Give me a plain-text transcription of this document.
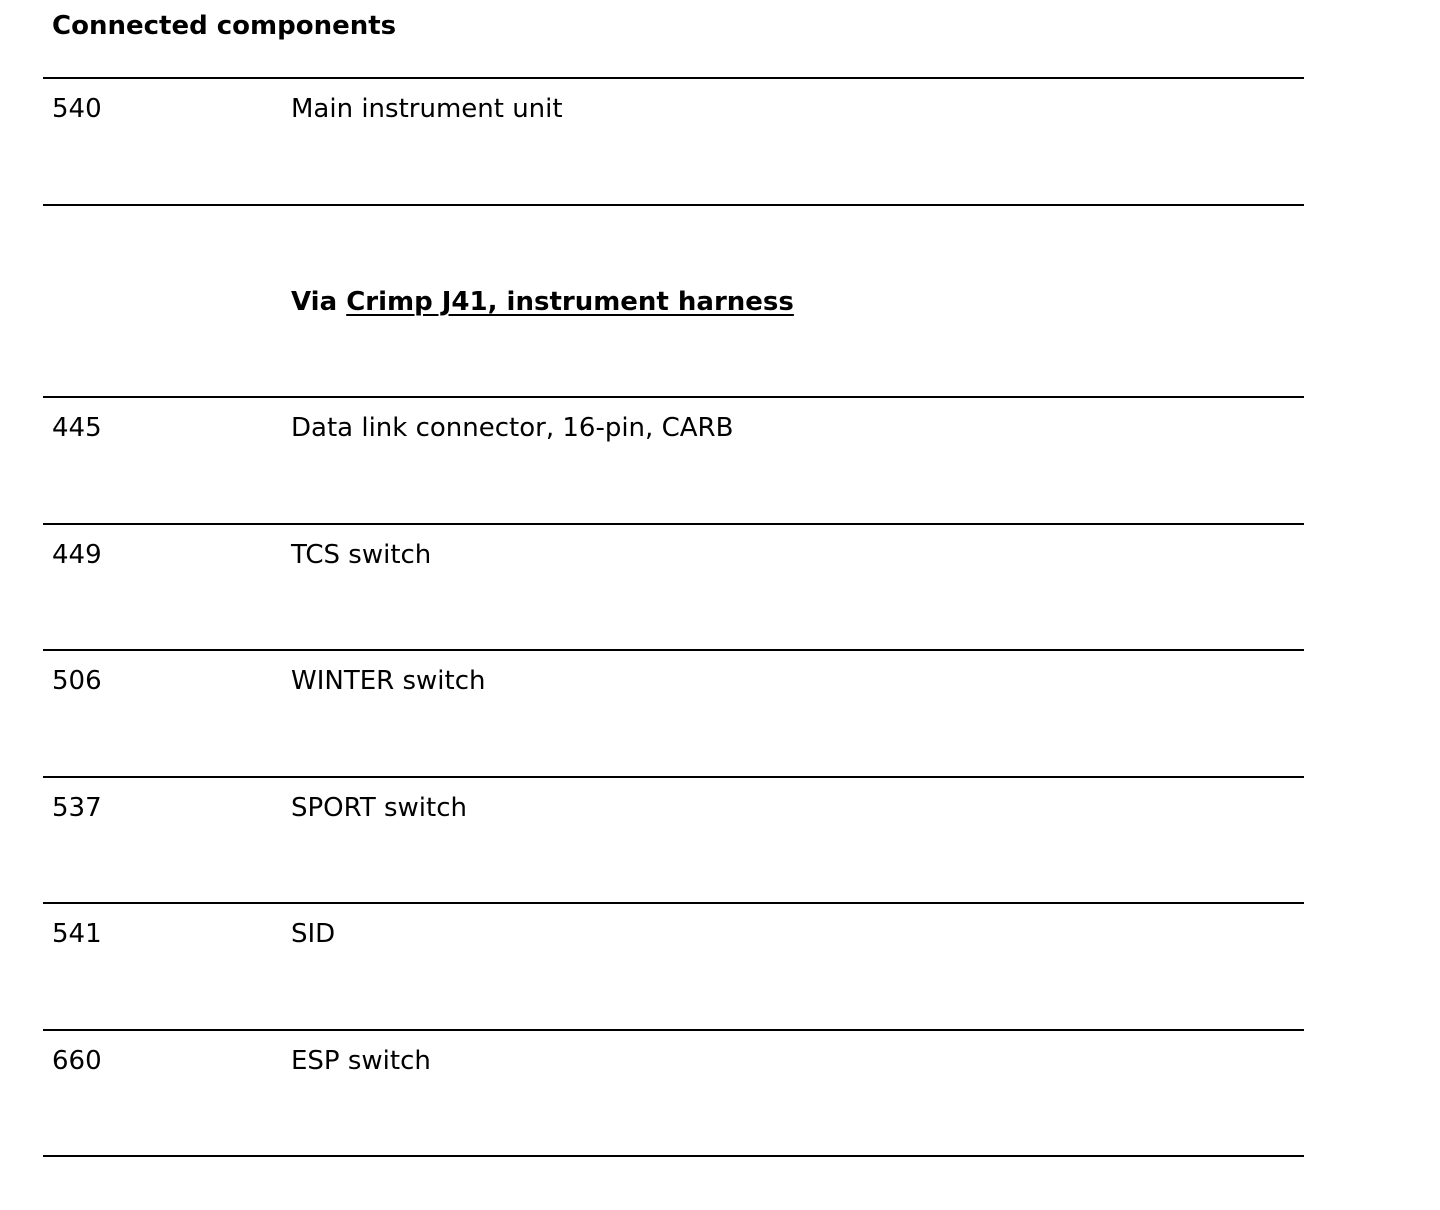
Connected components
540	Main instrument unit
Via Crimp J41, instrument harness
445	Data link connector, 16-pin, CARB
449	TCS switch
506	WINTER switch
537	SPORT switch
541	SID
660	ESP switch
